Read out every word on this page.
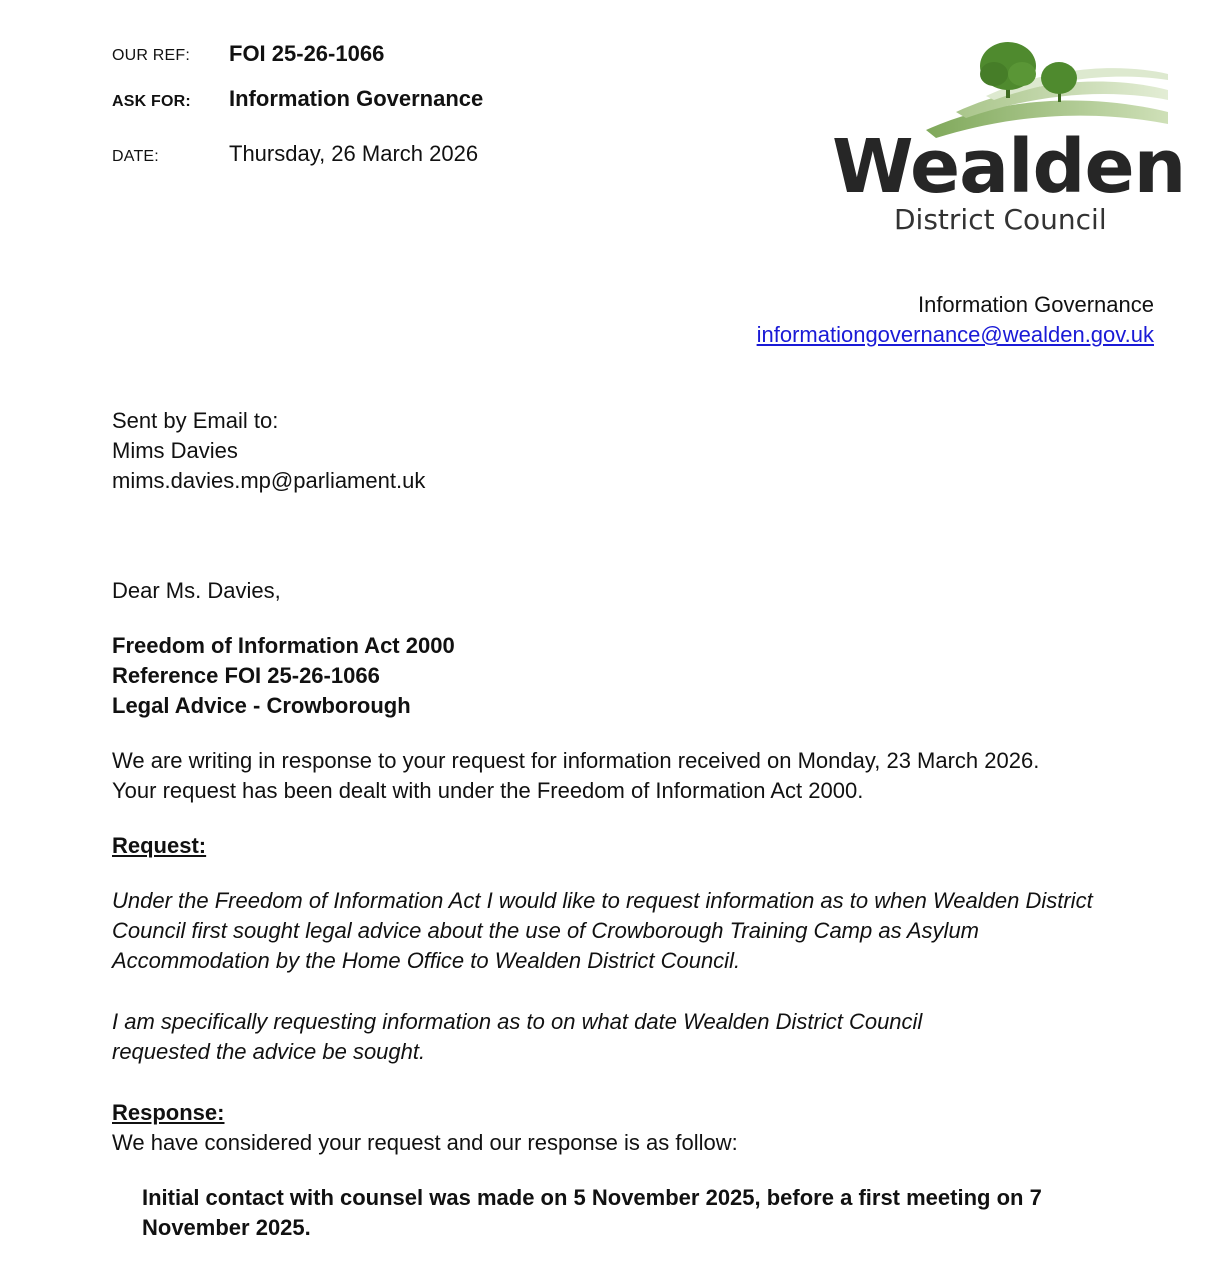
OUR REF: FOI 25-26-1066
ASK FOR: Information Governance
DATE:	Thursday, 26 March 2026	Wealden
District Council
Information Governance
informationgovernance@wealden.gov.uk
Sent by Email to:
Mims Davies
mims.davies.mp@parliament.uk

Dear Ms. Davies,

Freedom of Information Act 2000
Reference FOI 25-26-1066
Legal Advice - Crowborough

We are writing in response to your request for information received on Monday, 23 March 2026. Your request has been dealt with under the Freedom of Information Act 2000.

Request:

Under the Freedom of Information Act I would like to request information as to when Wealden District Council first sought legal advice about the use of Crowborough Training Camp as Asylum Accommodation by the Home Office to Wealden District Council.

I am specifically requesting information as to on what date Wealden District Council requested the advice be sought.

Response:

We have considered your request and our response is as follow:

Initial contact with counsel was made on 5 November 2025, before a first meeting on 7 November 2025.
